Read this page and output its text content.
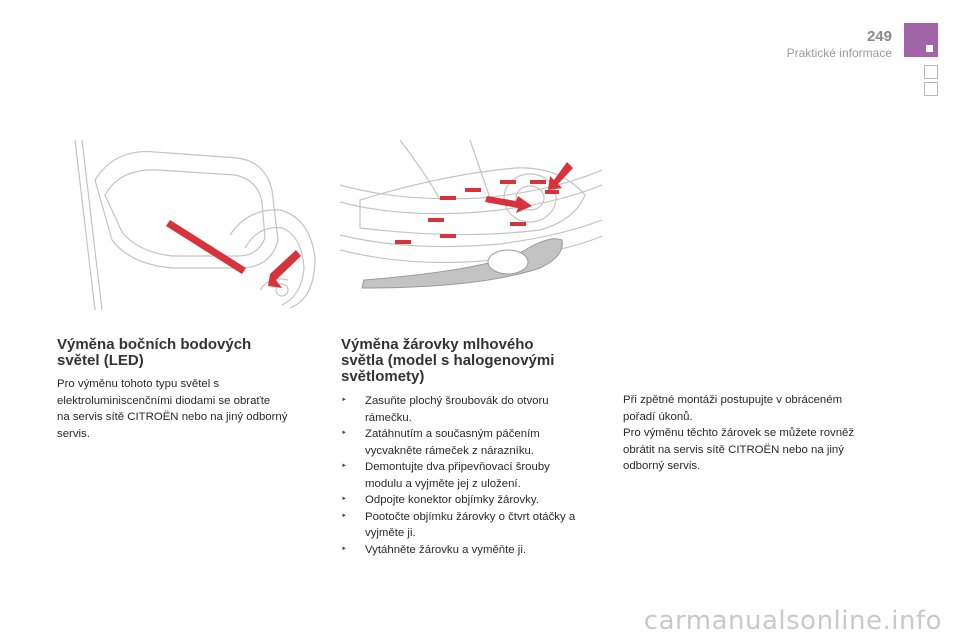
249
Praktické informace
Výměna bočních bodových
světel (LED)
Pro výměnu tohoto typu světel s
elektroluminiscenčními diodami se obraťte
na servis sítě CITROËN nebo na jiný odborný
servis.
Výměna žárovky mlhového
světla (model s halogenovými
světlomety)
‣ Zasuňte plochý šroubovák do otvoru
rámečku.
‣ Zatáhnutím a současným páčením
vycvakněte rámeček z nárazníku.
‣ Demontujte dva připevňovací šrouby
modulu a vyjměte jej z uložení.
‣ Odpojte konektor objímky žárovky.
‣ Pootočte objímku žárovky o čtvrt otáčky a
vyjměte ji.
‣ Vytáhněte žárovku a vyměňte ji.
Při zpětné montáži postupujte v obráceném
pořadí úkonů.
Pro výměnu těchto žárovek se můžete rovněž
obrátit na servis sítě CITROËN nebo na jiný
odborný servis.
carmanualsonline.info
